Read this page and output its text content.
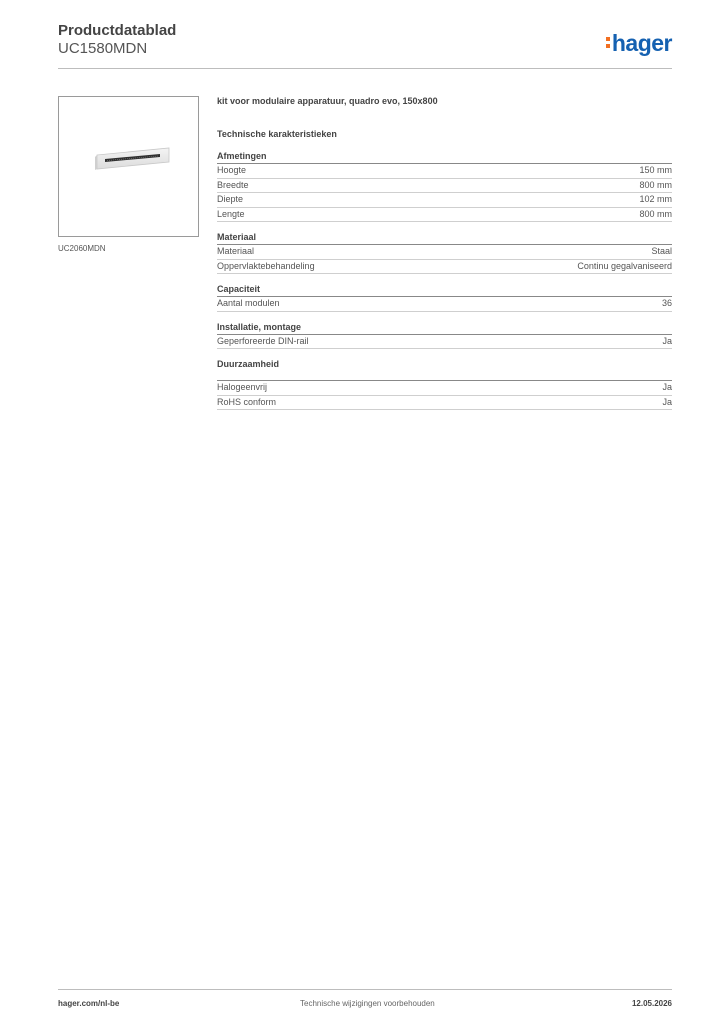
Productdatablad
UC1580MDN	hager
UC2060MDN
kit voor modulaire apparatuur, quadro evo, 150x800
Technische karakteristieken
Afmetingen
Hoogte	150 mm
Breedte	800 mm
Diepte	102 mm
Lengte	800 mm
Materiaal
Materiaal	Staal
Oppervlaktebehandeling	Continu gegalvaniseerd
Capaciteit
Aantal modulen	36
Installatie, montage
Geperforeerde DIN-rail	Ja
Duurzaamheid
Halogeenvrij	Ja
RoHS conform	Ja
hager.com/nl-be	Technische wijzigingen voorbehouden	12.05.2026
